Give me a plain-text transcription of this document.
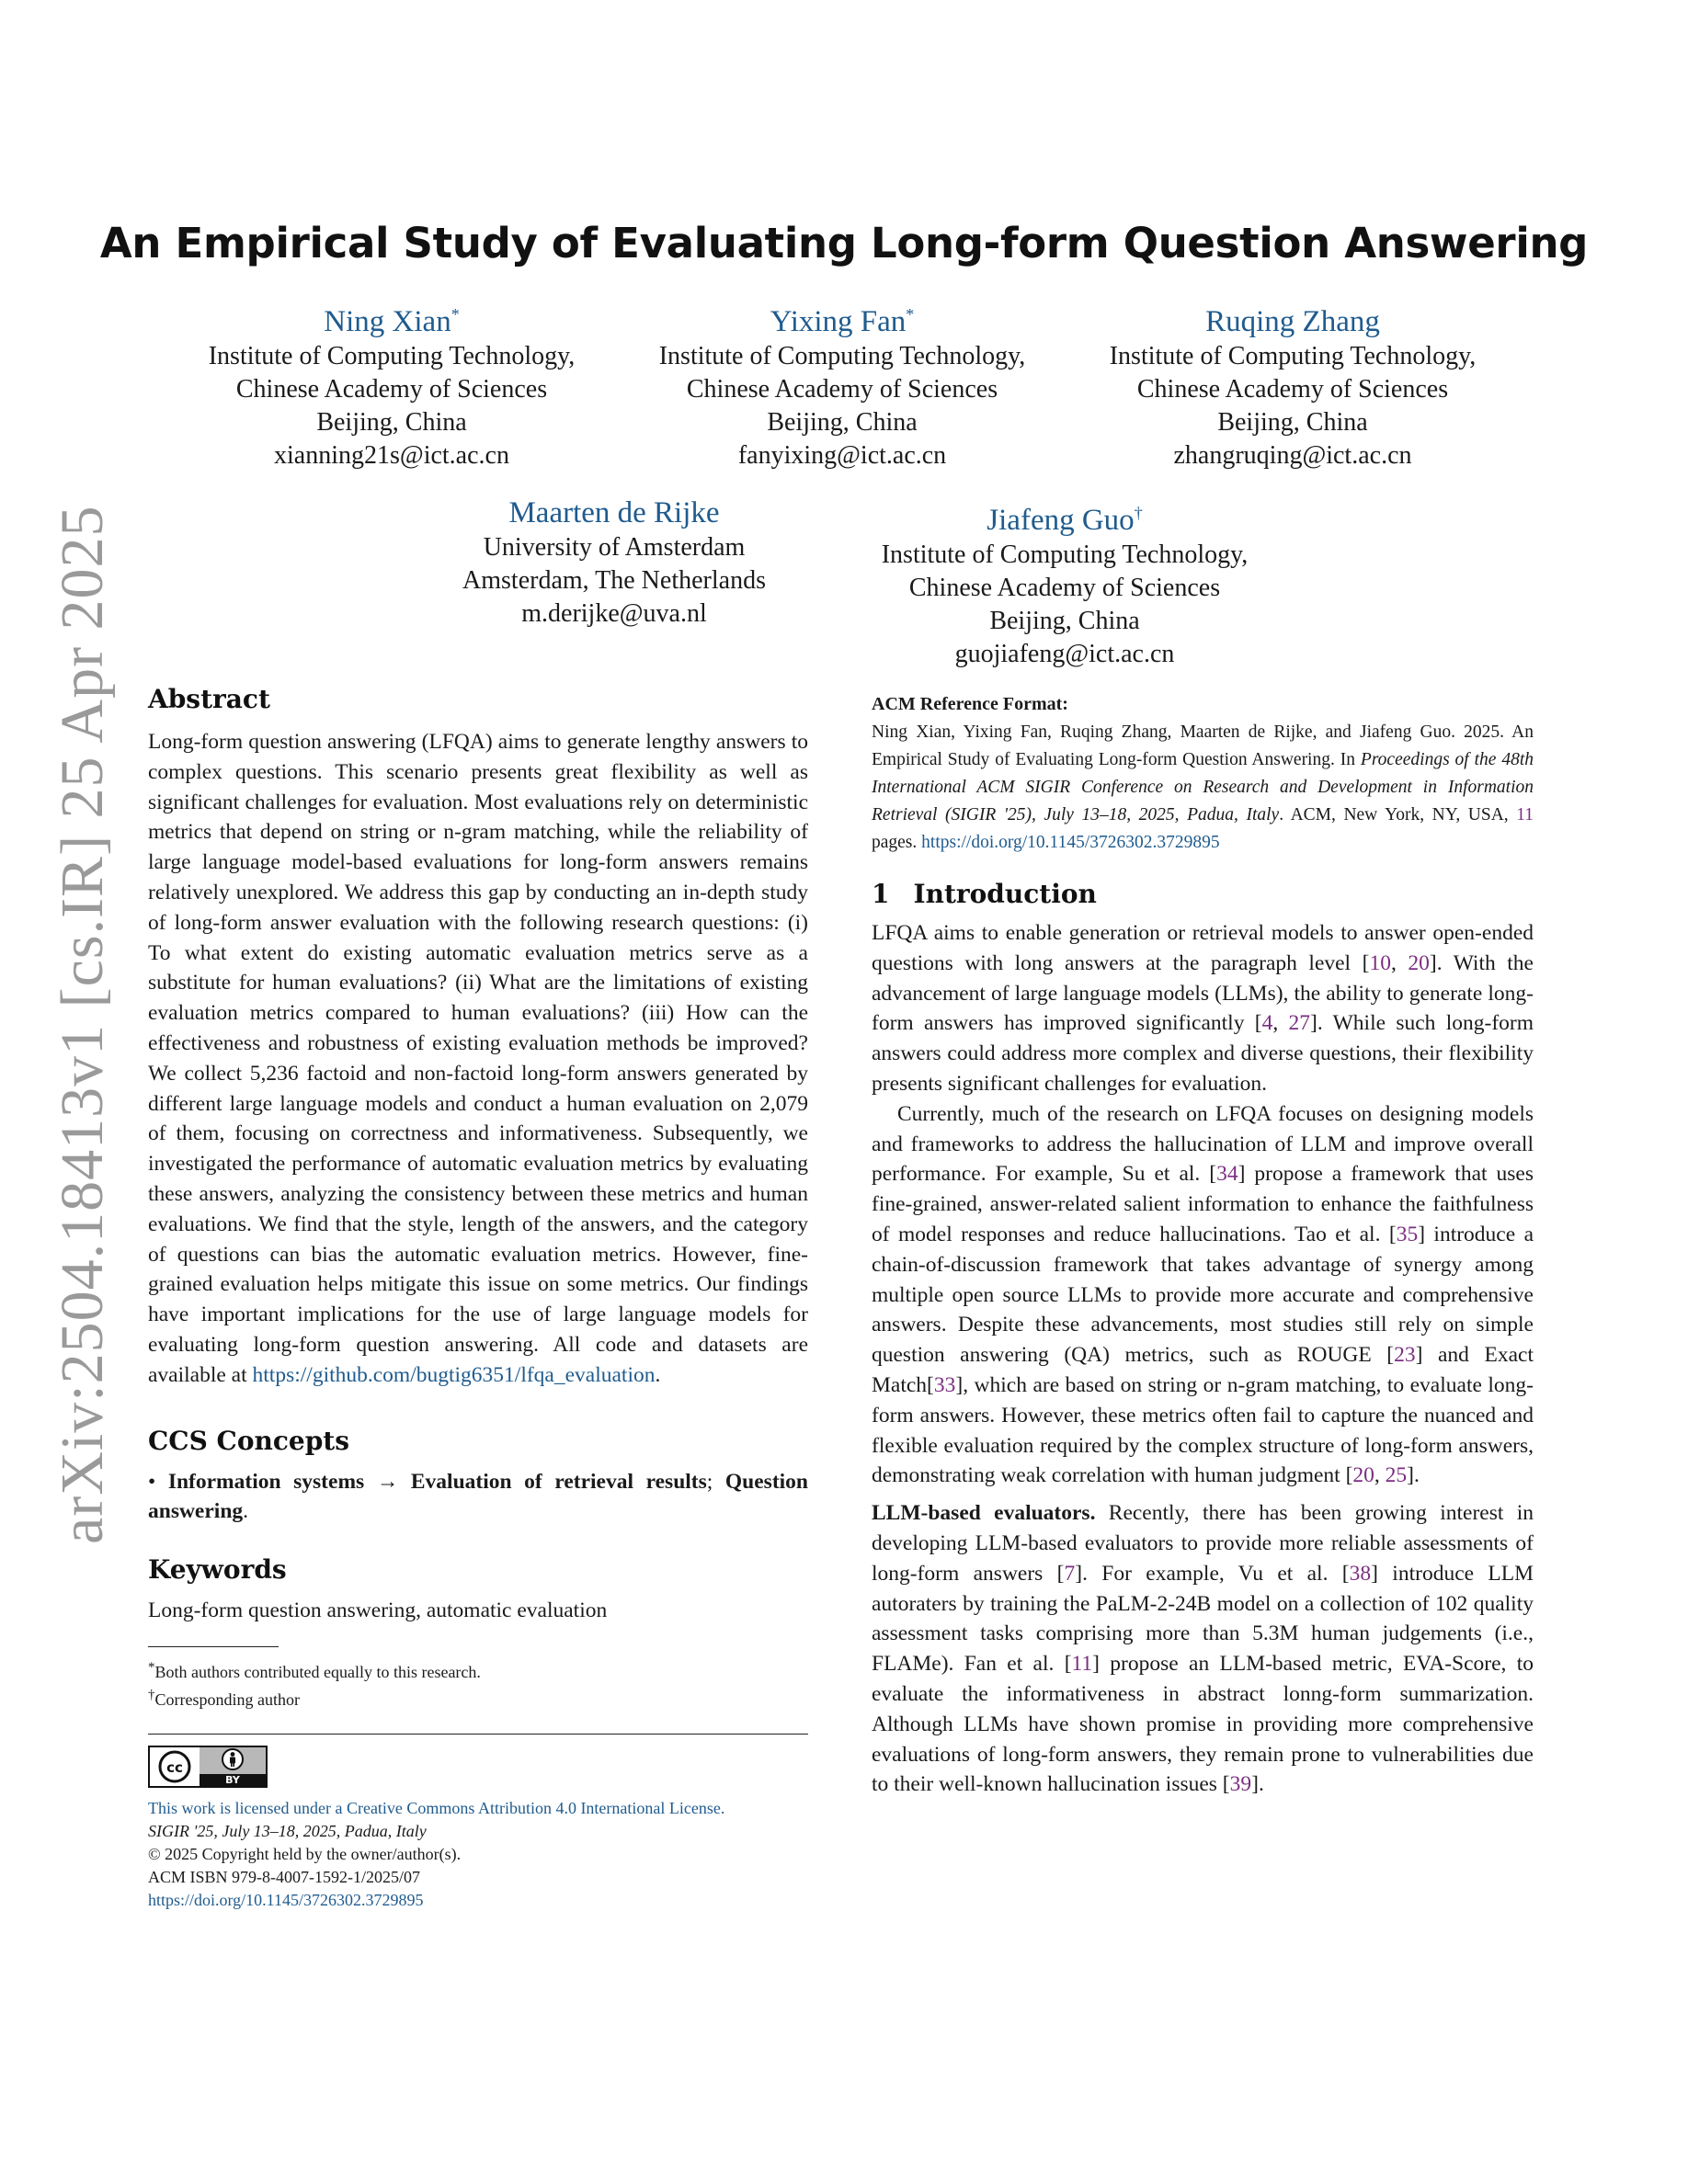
arXiv:2504.18413v1 [cs.IR] 25 Apr 2025
An Empirical Study of Evaluating Long-form Question Answering
Ning Xian*
Institute of Computing Technology,
Chinese Academy of Sciences
Beijing, China
xianning21s@ict.ac.cn
Yixing Fan*
Institute of Computing Technology,
Chinese Academy of Sciences
Beijing, China
fanyixing@ict.ac.cn
Ruqing Zhang
Institute of Computing Technology,
Chinese Academy of Sciences
Beijing, China
zhangruqing@ict.ac.cn
Maarten de Rijke
University of Amsterdam
Amsterdam, The Netherlands
m.derijke@uva.nl
Jiafeng Guo†
Institute of Computing Technology,
Chinese Academy of Sciences
Beijing, China
guojiafeng@ict.ac.cn
Abstract

Long-form question answering (LFQA) aims to generate lengthy answers to complex questions. This scenario presents great flexibility as well as significant challenges for evaluation. Most evaluations rely on deterministic metrics that depend on string or n-gram matching, while the reliability of large language model-based evaluations for long-form answers remains relatively unexplored. We address this gap by conducting an in-depth study of long-form answer evaluation with the following research questions: (i) To what extent do existing automatic evaluation metrics serve as a substitute for human evaluations? (ii) What are the limitations of existing evaluation metrics compared to human evaluations? (iii) How can the effectiveness and robustness of existing evaluation methods be improved? We collect 5,236 factoid and non-factoid long-form answers generated by different large language models and conduct a human evaluation on 2,079 of them, focusing on correctness and informativeness. Subsequently, we investigated the performance of automatic evaluation metrics by evaluating these answers, analyzing the consistency between these metrics and human evaluations. We find that the style, length of the answers, and the category of questions can bias the automatic evaluation metrics. However, fine-grained evaluation helps mitigate this issue on some metrics. Our findings have important implications for the use of large language models for evaluating long-form question answering. All code and datasets are available at https://github.com/bugtig6351/lfqa_evaluation.

CCS Concepts

• Information systems → Evaluation of retrieval results; Question answering.

Keywords

Long-form question answering, automatic evaluation

*Both authors contributed equally to this research.
†Corresponding author
cc
BY
This work is licensed under a Creative Commons Attribution 4.0 International License.
SIGIR '25, July 13–18, 2025, Padua, Italy
© 2025 Copyright held by the owner/author(s).
ACM ISBN 979-8-4007-1592-1/2025/07
https://doi.org/10.1145/3726302.3729895
ACM Reference Format:

Ning Xian, Yixing Fan, Ruqing Zhang, Maarten de Rijke, and Jiafeng Guo. 2025. An Empirical Study of Evaluating Long-form Question Answering. In Proceedings of the 48th International ACM SIGIR Conference on Research and Development in Information Retrieval (SIGIR '25), July 13–18, 2025, Padua, Italy. ACM, New York, NY, USA, 11 pages. https://doi.org/10.1145/3726302.3729895

1 Introduction

LFQA aims to enable generation or retrieval models to answer open-ended questions with long answers at the paragraph level [10, 20]. With the advancement of large language models (LLMs), the ability to generate long-form answers has improved significantly [4, 27]. While such long-form answers could address more complex and diverse questions, their flexibility presents significant challenges for evaluation.

Currently, much of the research on LFQA focuses on designing models and frameworks to address the hallucination of LLM and improve overall performance. For example, Su et al. [34] propose a framework that uses fine-grained, answer-related salient information to enhance the faithfulness of model responses and reduce hallucinations. Tao et al. [35] introduce a chain-of-discussion framework that takes advantage of synergy among multiple open source LLMs to provide more accurate and comprehensive answers. Despite these advancements, most studies still rely on simple question answering (QA) metrics, such as ROUGE [23] and Exact Match[33], which are based on string or n-gram matching, to evaluate long-form answers. However, these metrics often fail to capture the nuanced and flexible evaluation required by the complex structure of long-form answers, demonstrating weak correlation with human judgment [20, 25].

LLM-based evaluators. Recently, there has been growing interest in developing LLM-based evaluators to provide more reliable assessments of long-form answers [7]. For example, Vu et al. [38] introduce LLM autoraters by training the PaLM-2-24B model on a collection of 102 quality assessment tasks comprising more than 5.3M human judgements (i.e., FLAMe). Fan et al. [11] propose an LLM-based metric, EVA-Score, to evaluate the informativeness in abstract lonng-form summarization. Although LLMs have shown promise in providing more comprehensive evaluations of long-form answers, they remain prone to vulnerabilities due to their well-known hallucination issues [39].
